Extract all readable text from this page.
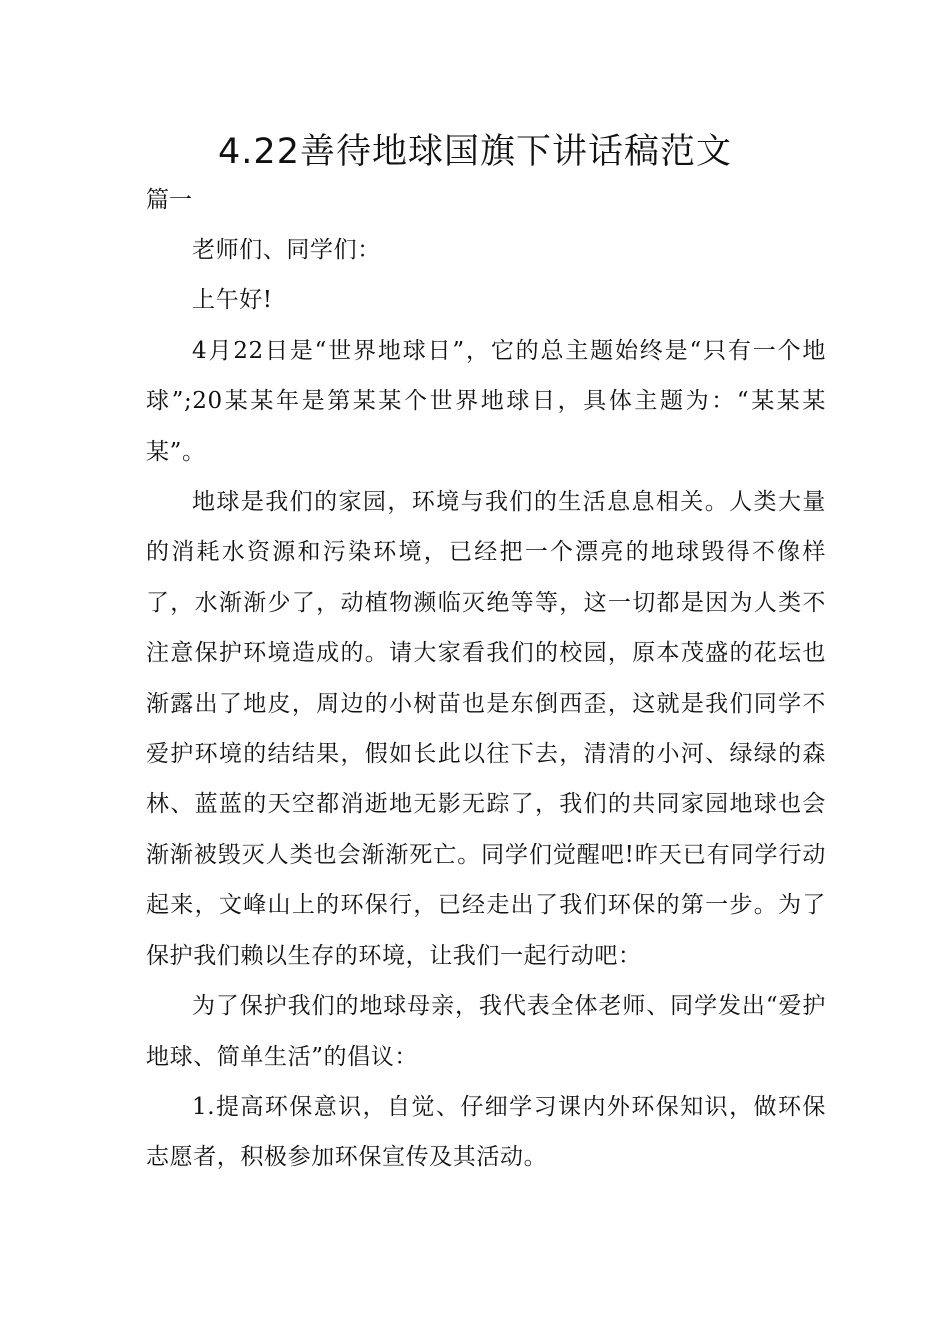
4.22善待地球国旗下讲话稿范文

篇一

老师们、同学们：

上午好!

4月22日是“世界地球日”，它的总主题始终是“只有一个地球”;20某某年是第某某个世界地球日，具体主题为：“某某某某”。

地球是我们的家园，环境与我们的生活息息相关。人类大量的消耗水资源和污染环境，已经把一个漂亮的地球毁得不像样了，水渐渐少了，动植物濒临灭绝等等，这一切都是因为人类不注意保护环境造成的。请大家看我们的校园，原本茂盛的花坛也渐露出了地皮，周边的小树苗也是东倒西歪，这就是我们同学不爱护环境的结结果，假如长此以往下去，清清的小河、绿绿的森林、蓝蓝的天空都消逝地无影无踪了，我们的共同家园地球也会渐渐被毁灭人类也会渐渐死亡。同学们觉醒吧!昨天已有同学行动起来，文峰山上的环保行，已经走出了我们环保的第一步。为了保护我们赖以生存的环境，让我们一起行动吧：

为了保护我们的地球母亲，我代表全体老师、同学发出“爱护地球、简单生活”的倡议：

1.提高环保意识，自觉、仔细学习课内外环保知识，做环保志愿者，积极参加环保宣传及其活动。
